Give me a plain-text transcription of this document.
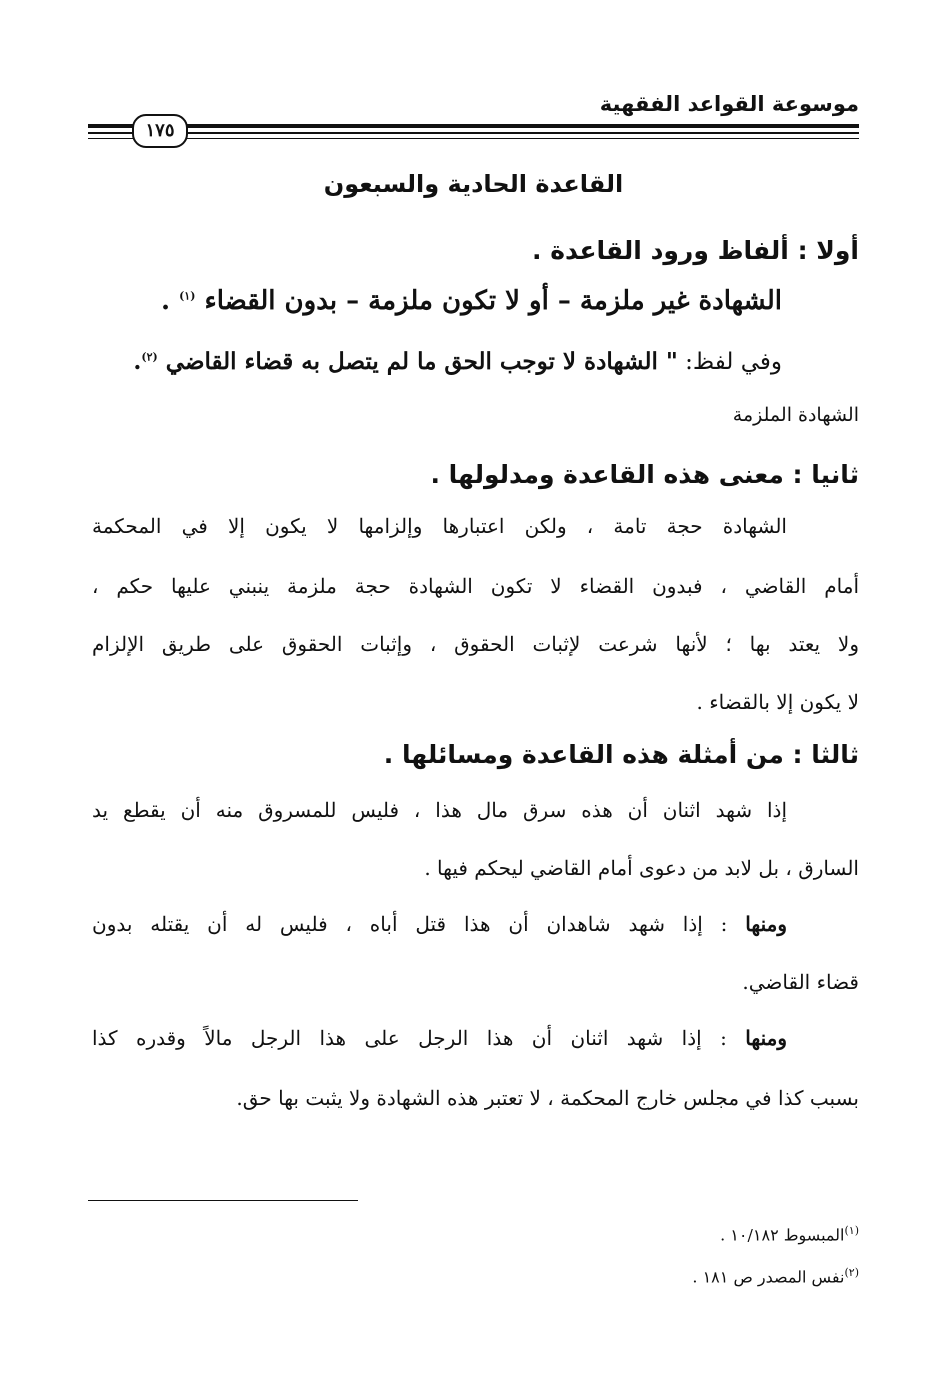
موسوعة القواعد الفقهية
١٧٥
القاعدة الحادية والسبعون
أولا : ألفاظ ورود القاعدة .
الشهادة غير ملزمة – أو لا تكون ملزمة – بدون القضاء $^{(١)}$ .
وفي لفظ: " الشهادة لا توجب الحق ما لم يتصل به قضاء القاضي $^{(٢)}$.
الشهادة الملزمة
ثانيا : معنى هذه القاعدة ومدلولها .
الشهادة حجة تامة ، ولكن اعتبارها وإلزامها لا يكون إلا في المحكمة
أمام القاضي ، فبدون القضاء لا تكون الشهادة حجة ملزمة ينبني عليها حكم ،
ولا يعتد بها ؛ لأنها شرعت لإثبات الحقوق ، وإثبات الحقوق على طريق الإلزام
لا يكون إلا بالقضاء .
ثالثا : من أمثلة هذه القاعدة ومسائلها .
إذا شهد اثنان أن هذه سرق مال هذا ، فليس للمسروق منه أن يقطع يد
السارق ، بل لابد من دعوى أمام القاضي ليحكم فيها .
ومنها : إذا شهد شاهدان أن هذا قتل أباه ، فليس له أن يقتله بدون
قضاء القاضي.
ومنها : إذا شهد اثنان أن هذا الرجل على هذا الرجل مالاً وقدره كذا
بسبب كذا في مجلس خارج المحكمة ، لا تعتبر هذه الشهادة ولا يثبت بها حق.
$^{(١)}$المبسوط ١٠/١٨٢ .
$^{(٢)}$نفس المصدر ص ١٨١ .
